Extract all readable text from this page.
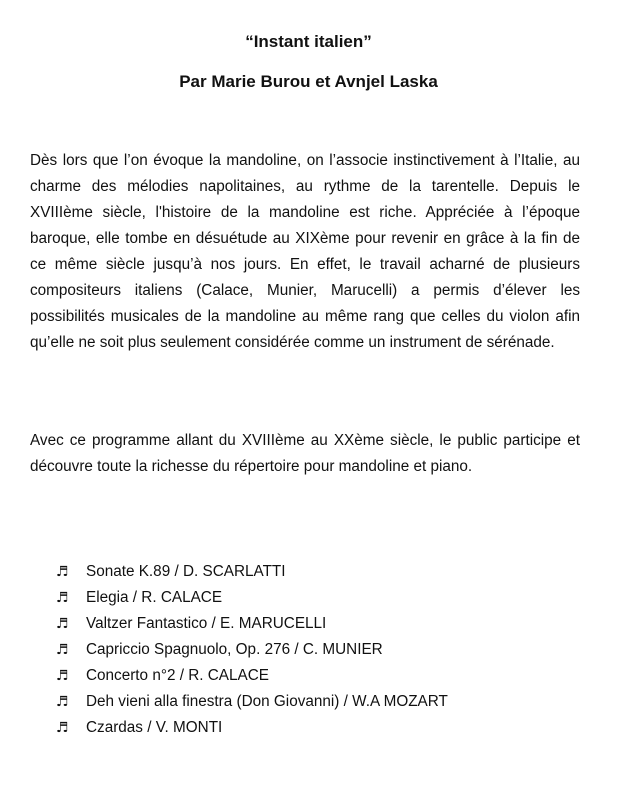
“Instant italien”
Par Marie Burou et Avnjel Laska

Dès lors que l’on évoque la mandoline, on l’associe instinctivement à l’Italie, au charme des mélodies napolitaines, au rythme de la tarentelle. Depuis le XVIIIème siècle, l'histoire de la mandoline est riche. Appréciée à l’époque baroque, elle tombe en désuétude au XIXème pour revenir en grâce à la fin de ce même siècle jusqu’à nos jours. En effet, le travail acharné de plusieurs compositeurs italiens (Calace, Munier, Marucelli) a permis d’élever les possibilités musicales de la mandoline au même rang que celles du violon afin qu’elle ne soit plus seulement considérée comme un instrument de sérénade.

Avec ce programme allant du XVIIIème au XXème siècle, le public participe et découvre toute la richesse du répertoire pour mandoline et piano.

♬	Sonate K.89 / D. SCARLATTI
♬	Elegia / R. CALACE
♬	Valtzer Fantastico / E. MARUCELLI
♬	Capriccio Spagnuolo, Op. 276 / C. MUNIER
♬	Concerto n°2 / R. CALACE
♬	Deh vieni alla finestra (Don Giovanni) / W.A MOZART
♬	Czardas / V. MONTI
